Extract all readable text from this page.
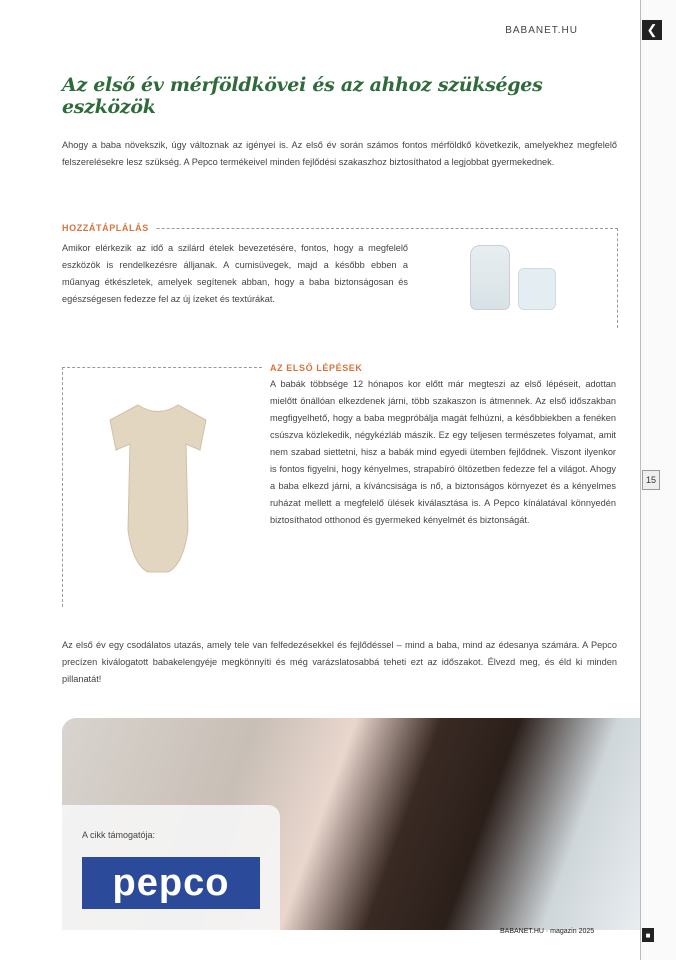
BABANET.HU
Az első év mérföldkövei és az ahhoz szükséges eszközök

Ahogy a baba növekszik, úgy változnak az igényei is. Az első év során számos fontos mérföldkő következik, amelyekhez megfelelő felszerelésekre lesz szükség. A Pepco termékeivel minden fejlődési szakaszhoz biztosíthatod a legjobbat gyermekednek.

HOZZÁTÁPLÁLÁS

Amikor elérkezik az idő a szilárd ételek bevezetésére, fontos, hogy a megfelelő eszközök is rendelkezésre álljanak. A cumisüvegek, majd a később ebben a műanyag étkészletek, amelyek segítenek abban, hogy a baba biztonságosan és egészségesen fedezze fel az új ízeket és textúrákat.

AZ ELSŐ LÉPÉSEK

A babák többsége 12 hónapos kor előtt már megteszi az első lépéseit, adottan mielőtt önállóan elkezdenek járni, több szakaszon is átmennek. Az első időszakban megfigyelhető, hogy a baba megpróbálja magát felhúzni, a későbbiekben a fenéken csúszva közlekedik, négykézláb mászik. Ez egy teljesen természetes folyamat, amit nem szabad siettetni, hisz a babák mind egyedi ütemben fejlődnek. Viszont ilyenkor is fontos figyelni, hogy kényelmes, strapabíró öltözetben fedezze fel a világot. Ahogy a baba elkezd járni, a kíváncsisága is nő, a biztonságos környezet és a kényelmes ruházat mellett a megfelelő ülések kiválasztása is. A Pepco kínálatával könnyedén biztosíthatod otthonod és gyermeked kényelmét és biztonságát.

Az első év egy csodálatos utazás, amely tele van felfedezésekkel és fejlődéssel – mind a baba, mind az édesanya számára. A Pepco precízen kiválogatott babakelengyéje megkönnyíti és még varázslatosabbá teheti ezt az időszakot. Élvezd meg, és éld ki minden pillanatát!

A cikk támogatója:
pepco
BABANET.HU · magazin 2025
❮
15
■
